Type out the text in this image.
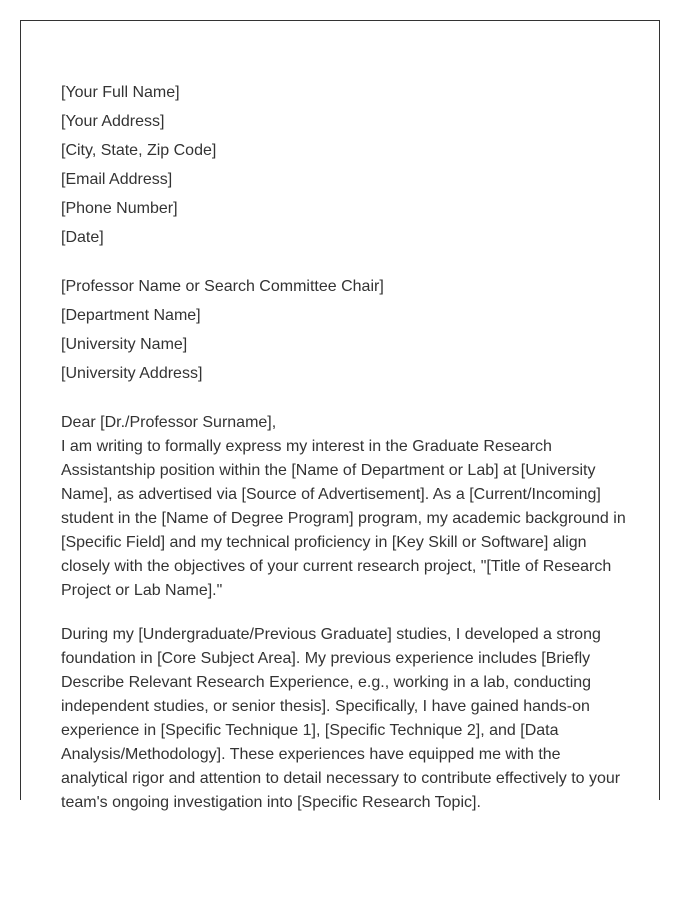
[Your Full Name]
[Your Address]
[City, State, Zip Code]
[Email Address]
[Phone Number]
[Date]
[Professor Name or Search Committee Chair]
[Department Name]
[University Name]
[University Address]
Dear [Dr./Professor Surname],

I am writing to formally express my interest in the Graduate Research Assistantship position within the [Name of Department or Lab] at [University Name], as advertised via [Source of Advertisement]. As a [Current/Incoming] student in the [Name of Degree Program] program, my academic background in [Specific Field] and my technical proficiency in [Key Skill or Software] align closely with the objectives of your current research project, "[Title of Research Project or Lab Name]."

During my [Undergraduate/Previous Graduate] studies, I developed a strong foundation in [Core Subject Area]. My previous experience includes [Briefly Describe Relevant Research Experience, e.g., working in a lab, conducting independent studies, or senior thesis]. Specifically, I have gained hands-on experience in [Specific Technique 1], [Specific Technique 2], and [Data Analysis/Methodology]. These experiences have equipped me with the analytical rigor and attention to detail necessary to contribute effectively to your team's ongoing investigation into [Specific Research Topic].
